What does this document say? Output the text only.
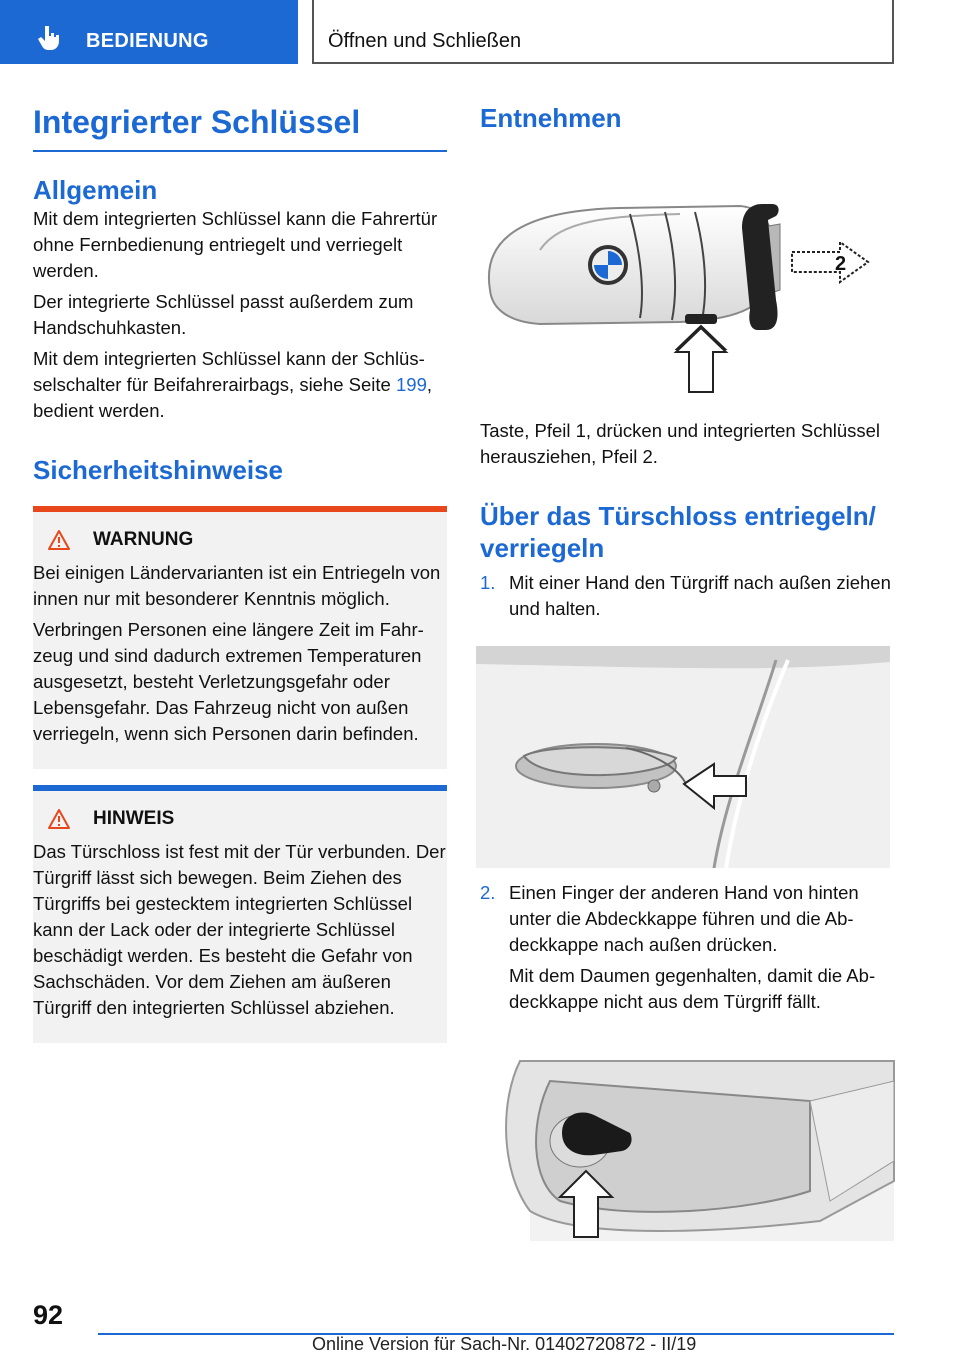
BEDIENUNG	Öffnen und Schließen
Integrierter Schlüssel
Allgemein

Mit dem integrierten Schlüssel kann die Fahrertür ohne Fernbedienung entriegelt und verriegelt werden.

Der integrierte Schlüssel passt außerdem zum Handschuhkasten.

Mit dem integrierten Schlüssel kann der Schlüsselschalter für Beifahrerairbags, siehe Seite 199, bedient werden.

Sicherheitshinweise
WARNUNG

Bei einigen Ländervarianten ist ein Entriegeln von innen nur mit besonderer Kenntnis möglich.

Verbringen Personen eine längere Zeit im Fahrzeug und sind dadurch extremen Temperaturen ausgesetzt, besteht Verletzungsgefahr oder Lebensgefahr. Das Fahrzeug nicht von außen verriegeln, wenn sich Personen darin befinden.

HINWEIS

Das Türschloss ist fest mit der Tür verbunden. Der Türgriff lässt sich bewegen. Beim Ziehen des Türgriffs bei gestecktem integrierten Schlüssel kann der Lack oder der integrierte Schlüssel beschädigt werden. Es besteht die Gefahr von Sachschäden. Vor dem Ziehen am äußeren Türgriff den integrierten Schlüssel abziehen.

Entnehmen
2

Taste, Pfeil 1, drücken und integrierten Schlüssel herausziehen, Pfeil 2.

Über das Türschloss entriegeln/ verriegeln
1. Mit einer Hand den Türgriff nach außen ziehen und halten.

2. Einen Finger der anderen Hand von hinten unter die Abdeckkappe führen und die Abdeckkappe nach außen drücken.

Mit dem Daumen gegenhalten, damit die Abdeckkappe nicht aus dem Türgriff fällt.

92
Online Version für Sach-Nr. 01402720872 - II/19
